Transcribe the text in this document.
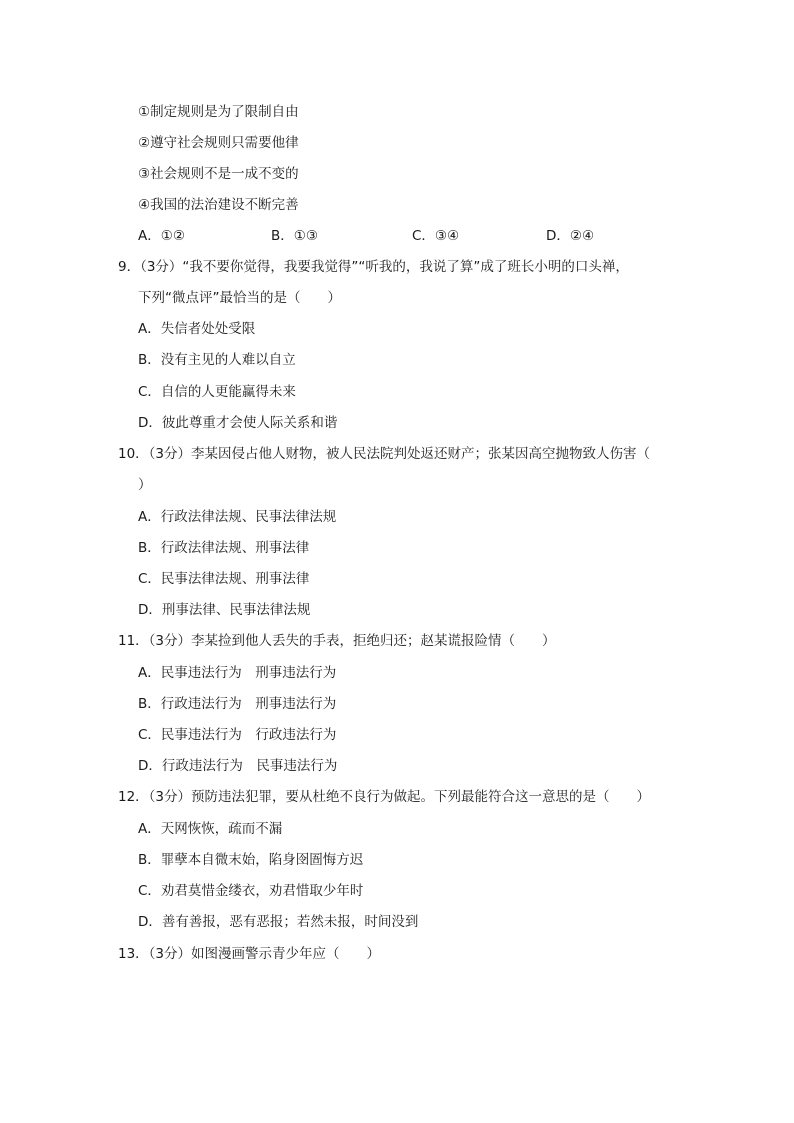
①制定规则是为了限制自由
②遵守社会规则只需要他律
③社会规则不是一成不变的
④我国的法治建设不断完善
A．①②	B．①③	C．③④	D．②④
9．（3分）“我不要你觉得，我要我觉得”“听我的，我说了算”成了班长小明的口头禅，
下列“微点评”最恰当的是（　　）
A．失信者处处受限
B．没有主见的人难以自立
C．自信的人更能赢得未来
D．彼此尊重才会使人际关系和谐
10．（3分）李某因侵占他人财物，被人民法院判处返还财产；张某因高空抛物致人伤害（
）
A．行政法律法规、民事法律法规
B．行政法律法规、刑事法律
C．民事法律法规、刑事法律
D．刑事法律、民事法律法规
11．（3分）李某捡到他人丢失的手表，拒绝归还；赵某谎报险情（　　）
A．民事违法行为　刑事违法行为
B．行政违法行为　刑事违法行为
C．民事违法行为　行政违法行为
D．行政违法行为　民事违法行为
12．（3分）预防违法犯罪，要从杜绝不良行为做起。下列最能符合这一意思的是（　　）
A．天网恢恢，疏而不漏
B．罪孽本自微末始，陷身囹圄悔方迟
C．劝君莫惜金缕衣，劝君惜取少年时
D．善有善报，恶有恶报；若然未报，时间没到
13．（3分）如图漫画警示青少年应（　　）
